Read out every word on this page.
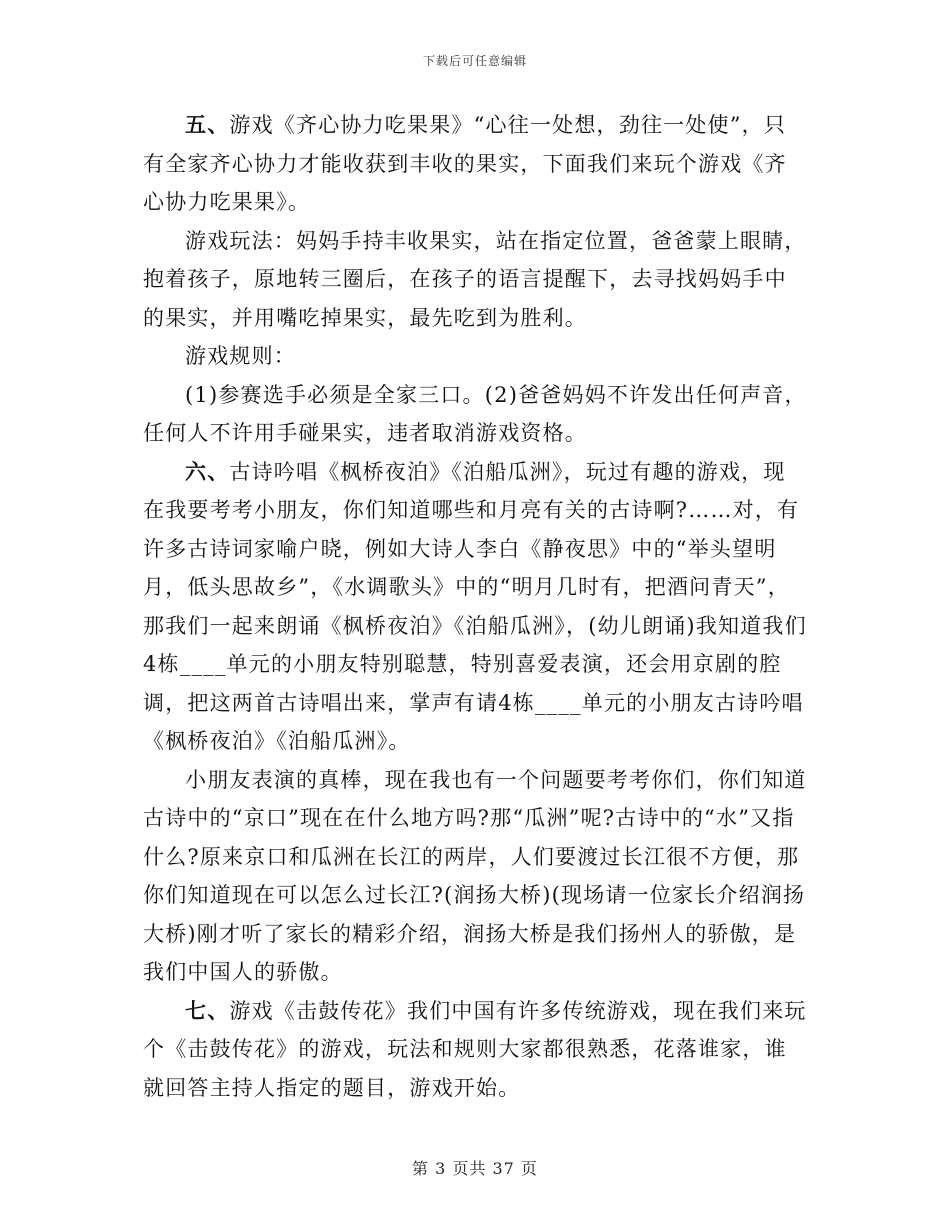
下载后可任意编辑

五、游戏《齐心协力吃果果》“心往一处想，劲往一处使”，只有全家齐心协力才能收获到丰收的果实，下面我们来玩个游戏《齐心协力吃果果》。

游戏玩法：妈妈手持丰收果实，站在指定位置，爸爸蒙上眼睛，抱着孩子，原地转三圈后，在孩子的语言提醒下，去寻找妈妈手中的果实，并用嘴吃掉果实，最先吃到为胜利。

游戏规则：

(1)参赛选手必须是全家三口。(2)爸爸妈妈不许发出任何声音，任何人不许用手碰果实，违者取消游戏资格。

六、古诗吟唱《枫桥夜泊》《泊船瓜洲》，玩过有趣的游戏，现在我要考考小朋友，你们知道哪些和月亮有关的古诗啊?……对，有许多古诗词家喻户晓，例如大诗人李白《静夜思》中的“举头望明月，低头思故乡”，《水调歌头》中的“明月几时有，把酒问青天”，那我们一起来朗诵《枫桥夜泊》《泊船瓜洲》，(幼儿朗诵)我知道我们4栋____单元的小朋友特别聪慧，特别喜爱表演，还会用京剧的腔调，把这两首古诗唱出来，掌声有请4栋____单元的小朋友古诗吟唱《枫桥夜泊》《泊船瓜洲》。

小朋友表演的真棒，现在我也有一个问题要考考你们，你们知道古诗中的“京口”现在在什么地方吗?那“瓜洲”呢?古诗中的“水”又指什么?原来京口和瓜洲在长江的两岸，人们要渡过长江很不方便，那你们知道现在可以怎么过长江?(润扬大桥)(现场请一位家长介绍润扬大桥)刚才听了家长的精彩介绍，润扬大桥是我们扬州人的骄傲，是我们中国人的骄傲。

七、游戏《击鼓传花》我们中国有许多传统游戏，现在我们来玩个《击鼓传花》的游戏，玩法和规则大家都很熟悉，花落谁家，谁就回答主持人指定的题目，游戏开始。

第 3 页共 37 页
